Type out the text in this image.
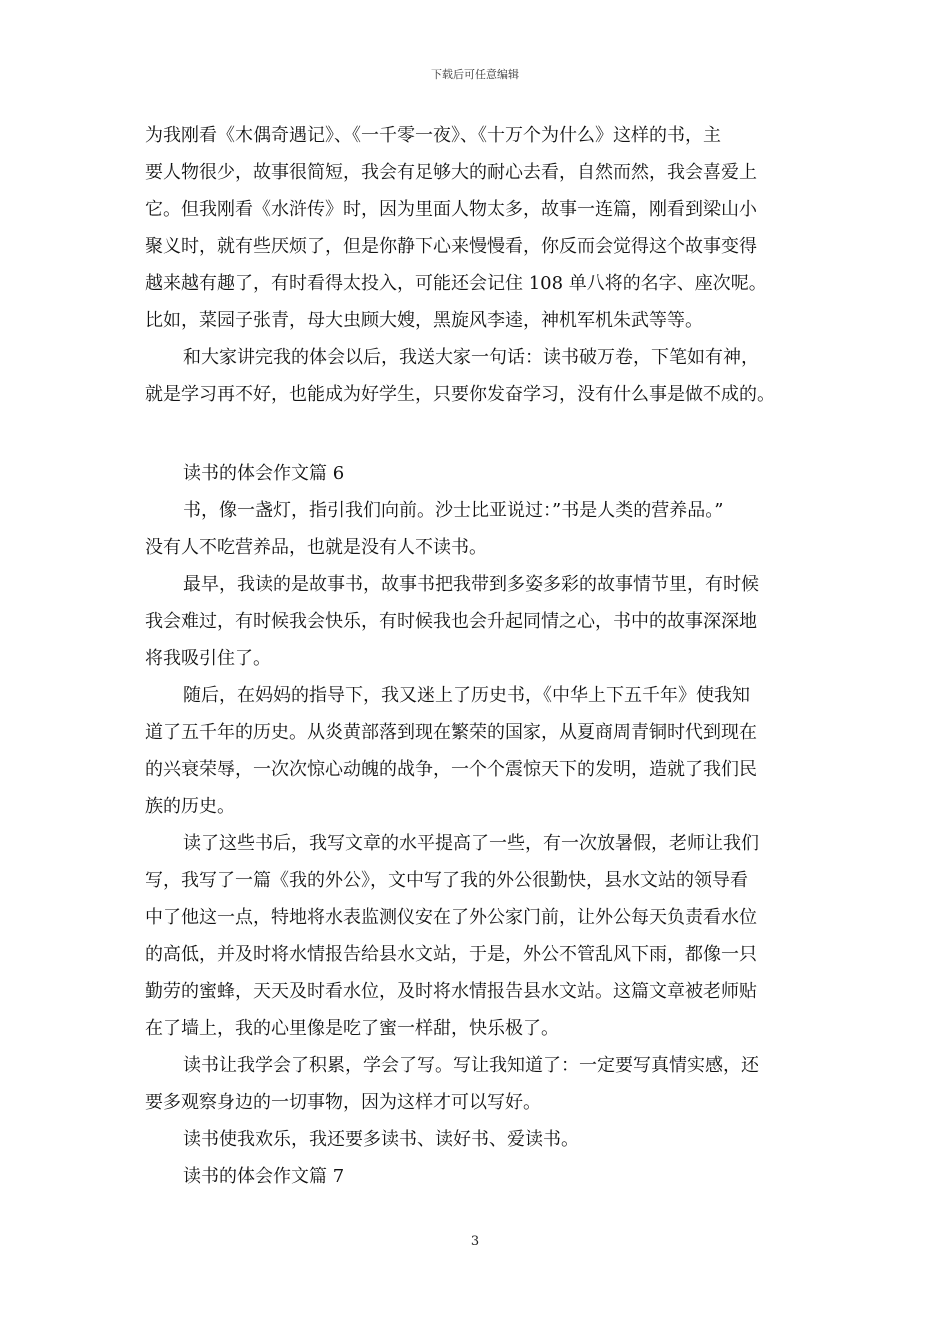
下载后可任意编辑
为我刚看《木偶奇遇记》、《一千零一夜》、《十万个为什么》这样的书，主
要人物很少，故事很简短，我会有足够大的耐心去看，自然而然，我会喜爱上
它。但我刚看《水浒传》时，因为里面人物太多，故事一连篇，刚看到梁山小
聚义时，就有些厌烦了，但是你静下心来慢慢看，你反而会觉得这个故事变得
越来越有趣了，有时看得太投入，可能还会记住 108 单八将的名字、座次呢。
比如，菜园子张青，母大虫顾大嫂，黑旋风李逵，神机军机朱武等等。
和大家讲完我的体会以后，我送大家一句话：读书破万卷，下笔如有神，
就是学习再不好，也能成为好学生，只要你发奋学习，没有什么事是做不成的。
读书的体会作文篇 6
书，像一盏灯，指引我们向前。沙士比亚说过：”书是人类的营养品。”
没有人不吃营养品，也就是没有人不读书。
最早，我读的是故事书，故事书把我带到多姿多彩的故事情节里，有时候
我会难过，有时候我会快乐，有时候我也会升起同情之心，书中的故事深深地
将我吸引住了。
随后，在妈妈的指导下，我又迷上了历史书，《中华上下五千年》使我知
道了五千年的历史。从炎黄部落到现在繁荣的国家，从夏商周青铜时代到现在
的兴衰荣辱，一次次惊心动魄的战争，一个个震惊天下的发明，造就了我们民
族的历史。
读了这些书后，我写文章的水平提高了一些，有一次放暑假，老师让我们
写，我写了一篇《我的外公》，文中写了我的外公很勤快，县水文站的领导看
中了他这一点，特地将水表监测仪安在了外公家门前，让外公每天负责看水位
的高低，并及时将水情报告给县水文站，于是，外公不管乱风下雨，都像一只
勤劳的蜜蜂，天天及时看水位，及时将水情报告县水文站。这篇文章被老师贴
在了墙上，我的心里像是吃了蜜一样甜，快乐极了。
读书让我学会了积累，学会了写。写让我知道了：一定要写真情实感，还
要多观察身边的一切事物，因为这样才可以写好。
读书使我欢乐，我还要多读书、读好书、爱读书。
读书的体会作文篇 7
3
